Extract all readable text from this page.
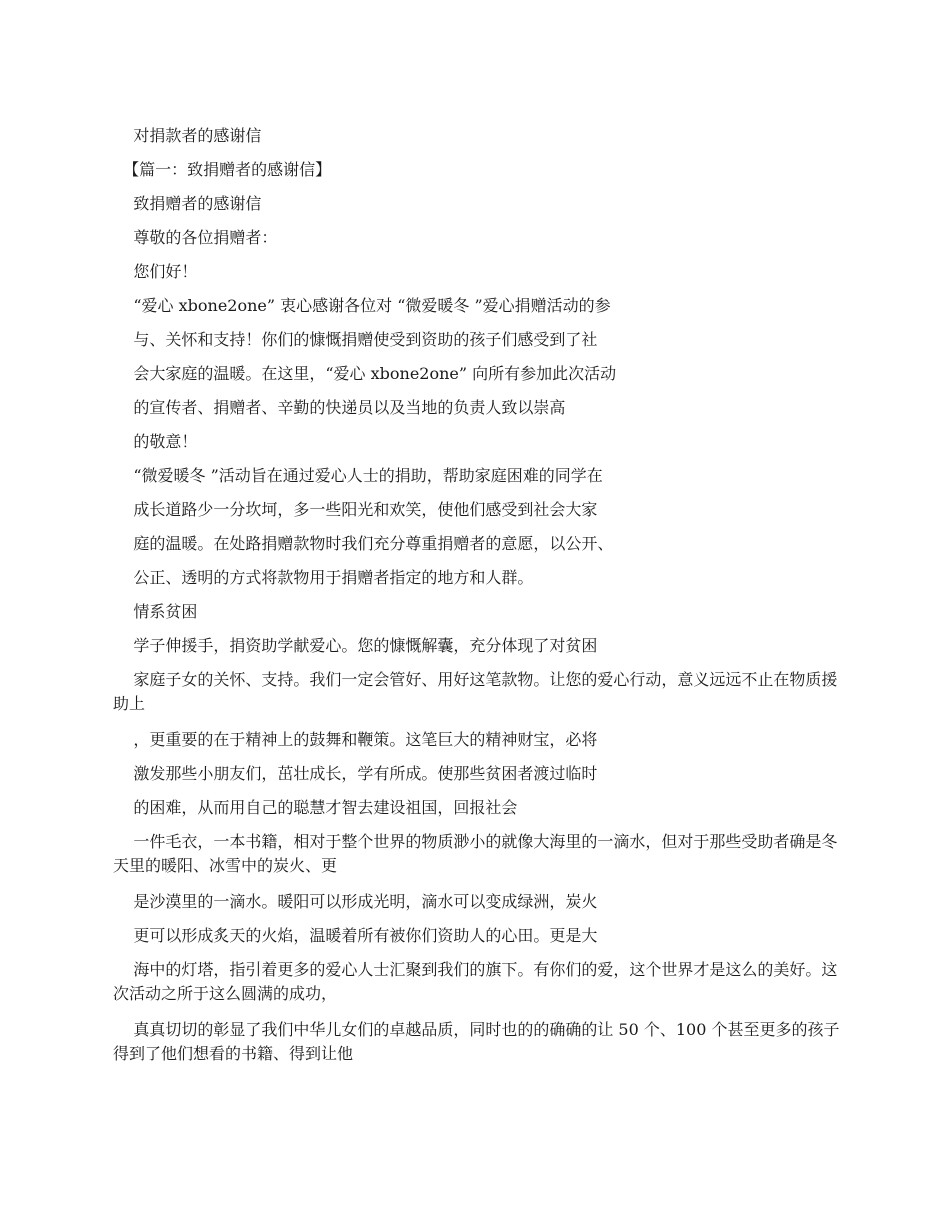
对捐款者的感谢信

【篇一：致捐赠者的感谢信】

致捐赠者的感谢信

尊敬的各位捐赠者：

您们好！

“爱心 xbone2one” 衷心感谢各位对 “微爱暖冬 ”爱心捐赠活动的参

与、关怀和支持！你们的慷慨捐赠使受到资助的孩子们感受到了社

会大家庭的温暖。在这里，“爱心 xbone2one” 向所有参加此次活动

的宣传者、捐赠者、辛勤的快递员以及当地的负责人致以崇高

的敬意！

“微爱暖冬 ”活动旨在通过爱心人士的捐助，帮助家庭困难的同学在

成长道路少一分坎坷，多一些阳光和欢笑，使他们感受到社会大家

庭的温暖。在处路捐赠款物时我们充分尊重捐赠者的意愿，以公开、

公正、透明的方式将款物用于捐赠者指定的地方和人群。

情系贫困

学子伸援手，捐资助学献爱心。您的慷慨解囊，充分体现了对贫困

家庭子女的关怀、支持。我们一定会管好、用好这笔款物。让您的爱心行动，意义远远不止在物质援助上

，更重要的在于精神上的鼓舞和鞭策。这笔巨大的精神财宝，必将

激发那些小朋友们，茁壮成长，学有所成。使那些贫困者渡过临时

的困难，从而用自己的聪慧才智去建设祖国，回报社会

一件毛衣，一本书籍，相对于整个世界的物质渺小的就像大海里的一滴水，但对于那些受助者确是冬天里的暖阳、冰雪中的炭火、更

是沙漠里的一滴水。暖阳可以形成光明，滴水可以变成绿洲，炭火

更可以形成炙天的火焰，温暖着所有被你们资助人的心田。更是大

海中的灯塔，指引着更多的爱心人士汇聚到我们的旗下。有你们的爱，这个世界才是这么的美好。这次活动之所于这么圆满的成功，

真真切切的彰显了我们中华儿女们的卓越品质，同时也的的确确的让 50 个、100 个甚至更多的孩子得到了他们想看的书籍、得到让他
